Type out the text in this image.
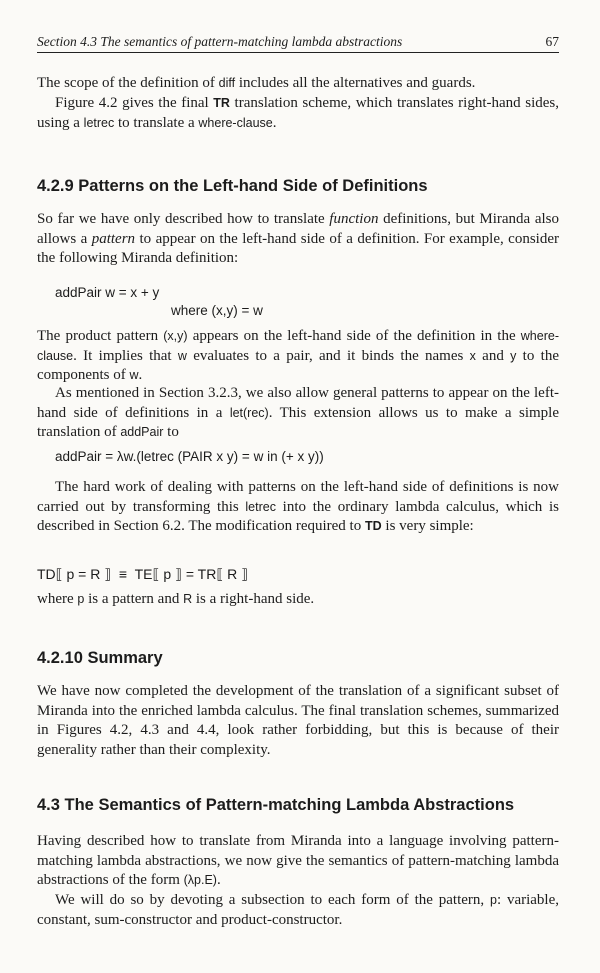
Section 4.3 The semantics of pattern-matching lambda abstractions	67

The scope of the definition of diff includes all the alternatives and guards.

Figure 4.2 gives the final TR translation scheme, which translates right-hand sides, using a letrec to translate a where-clause.

4.2.9 Patterns on the Left-hand Side of Definitions

So far we have only described how to translate function definitions, but Miranda also allows a pattern to appear on the left-hand side of a definition. For example, consider the following Miranda definition:

addPair w = x + y
where (x,y) = w

The product pattern (x,y) appears on the left-hand side of the definition in the where-clause. It implies that w evaluates to a pair, and it binds the names x and y to the components of w.

As mentioned in Section 3.2.3, we also allow general patterns to appear on the left-hand side of definitions in a let(rec). This extension allows us to make a simple translation of addPair to

addPair = λw.(letrec (PAIR x y) = w in (+ x y))

The hard work of dealing with patterns on the left-hand side of definitions is now carried out by transforming this letrec into the ordinary lambda calculus, which is described in Section 6.2. The modification required to TD is very simple:

TD⟦ p = R ⟧  ≡  TE⟦ p ⟧ = TR⟦ R ⟧

where p is a pattern and R is a right-hand side.

4.2.10 Summary

We have now completed the development of the translation of a significant subset of Miranda into the enriched lambda calculus. The final translation schemes, summarized in Figures 4.2, 4.3 and 4.4, look rather forbidding, but this is because of their generality rather than their complexity.

4.3 The Semantics of Pattern-matching Lambda Abstractions

Having described how to translate from Miranda into a language involving pattern-matching lambda abstractions, we now give the semantics of pattern-matching lambda abstractions of the form (λp.E).

We will do so by devoting a subsection to each form of the pattern, p: variable, constant, sum-constructor and product-constructor.
